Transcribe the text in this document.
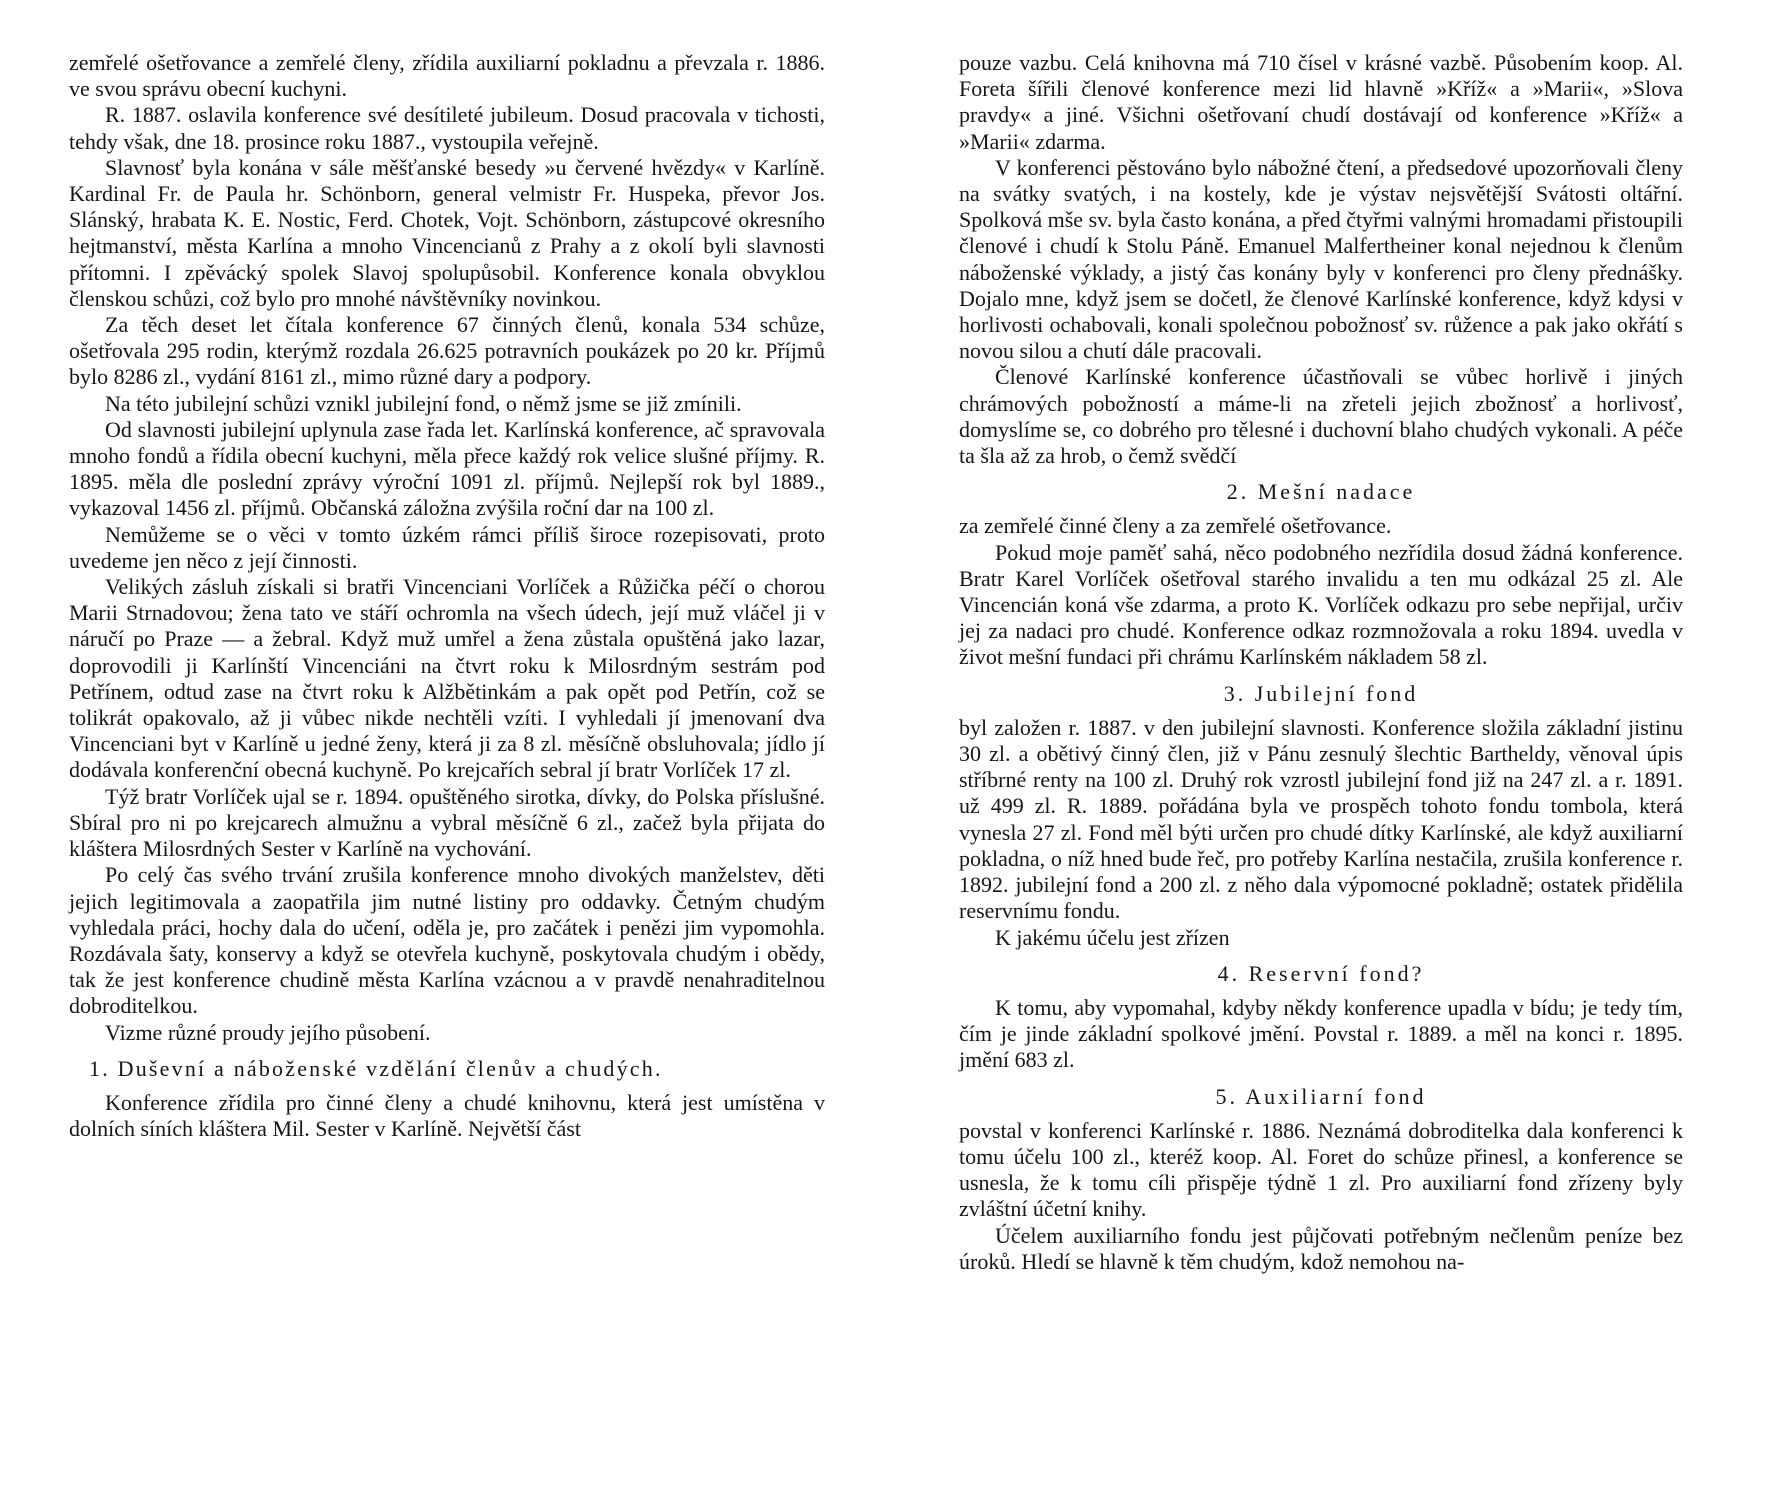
zemřelé ošetřovance a zemřelé členy, zřídila auxiliarní pokladnu a převzala r. 1886. ve svou správu obecní kuchyni.

R. 1887. oslavila konference své desítileté jubileum. Dosud pracovala v tichosti, tehdy však, dne 18. prosince roku 1887., vystoupila veřejně.

Slavnosť byla konána v sále měšťanské besedy »u červené hvězdy« v Karlíně. Kardinal Fr. de Paula hr. Schönborn, general velmistr Fr. Huspeka, převor Jos. Slánský, hrabata K. E. Nostic, Ferd. Chotek, Vojt. Schönborn, zástupcové okresního hejtmanství, města Karlína a mnoho Vincencianů z Prahy a z okolí byli slavnosti přítomni. I zpěvácký spolek Slavoj spolupůsobil. Konference konala obvyklou členskou schůzi, což bylo pro mnohé návštěvníky novinkou.

Za těch deset let čítala konference 67 činných členů, konala 534 schůze, ošetřovala 295 rodin, kterýmž rozdala 26.625 potravních poukázek po 20 kr. Příjmů bylo 8286 zl., vydání 8161 zl., mimo různé dary a podpory.

Na této jubilejní schůzi vznikl jubilejní fond, o němž jsme se již zmínili.

Od slavnosti jubilejní uplynula zase řada let. Karlínská konference, ač spravovala mnoho fondů a řídila obecní kuchyni, měla přece každý rok velice slušné příjmy. R. 1895. měla dle poslední zprávy výroční 1091 zl. příjmů. Nejlepší rok byl 1889., vykazoval 1456 zl. příjmů. Občanská záložna zvýšila roční dar na 100 zl.

Nemůžeme se o věci v tomto úzkém rámci příliš široce rozepisovati, proto uvedeme jen něco z její činnosti.

Velikých zásluh získali si bratři Vincenciani Vorlíček a Růžička péčí o chorou Marii Strnadovou; žena tato ve stáří ochromla na všech údech, její muž vláčel ji v náručí po Praze — a žebral. Když muž umřel a žena zůstala opuštěná jako lazar, doprovodili ji Karlínští Vincenciáni na čtvrt roku k Milosrdným sestrám pod Petřínem, odtud zase na čtvrt roku k Alžbětinkám a pak opět pod Petřín, což se tolikrát opakovalo, až ji vůbec nikde nechtěli vzíti. I vyhledali jí jmenovaní dva Vincenciani byt v Karlíně u jedné ženy, která ji za 8 zl. měsíčně obsluhovala; jídlo jí dodávala konferenční obecná kuchyně. Po krejcařích sebral jí bratr Vorlíček 17 zl.

Týž bratr Vorlíček ujal se r. 1894. opuštěného sirotka, dívky, do Polska příslušné. Sbíral pro ni po krejcarech almužnu a vybral měsíčně 6 zl., začež byla přijata do kláštera Milosrdných Sester v Karlíně na vychování.

Po celý čas svého trvání zrušila konference mnoho divokých manželstev, děti jejich legitimovala a zaopatřila jim nutné listiny pro oddavky. Četným chudým vyhledala práci, hochy dala do učení, oděla je, pro začátek i penězi jim vypomohla. Rozdávala šaty, konservy a když se otevřela kuchyně, poskytovala chudým i obědy, tak že jest konference chudině města Karlína vzácnou a v pravdě nenahraditelnou dobroditelkou.

Vizme různé proudy jejího působení.

1. Duševní a náboženské vzdělání členův a chudých.

Konference zřídila pro činné členy a chudé knihovnu, která jest umístěna v dolních síních kláštera Mil. Sester v Karlíně. Největší část

pouze vazbu. Celá knihovna má 710 čísel v krásné vazbě. Působením koop. Al. Foreta šířili členové konference mezi lid hlavně »Kříž« a »Marii«, »Slova pravdy« a jiné. Všichni ošetřovaní chudí dostávají od konference »Kříž« a »Marii« zdarma.

V konferenci pěstováno bylo nábožné čtení, a předsedové upozorňovali členy na svátky svatých, i na kostely, kde je výstav nejsvětější Svátosti oltářní. Spolková mše sv. byla často konána, a před čtyřmi valnými hromadami přistoupili členové i chudí k Stolu Páně. Emanuel Malfertheiner konal nejednou k členům náboženské výklady, a jistý čas konány byly v konferenci pro členy přednášky. Dojalo mne, když jsem se dočetl, že členové Karlínské konference, když kdysi v horlivosti ochabovali, konali společnou pobožnosť sv. růžence a pak jako okřátí s novou silou a chutí dále pracovali.

Členové Karlínské konference účastňovali se vůbec horlivě i jiných chrámových pobožností a máme-li na zřeteli jejich zbožnosť a horlivosť, domyslíme se, co dobrého pro tělesné i duchovní blaho chudých vykonali. A péče ta šla až za hrob, o čemž svědčí

2. Mešní nadace

za zemřelé činné členy a za zemřelé ošetřovance.

Pokud moje paměť sahá, něco podobného nezřídila dosud žádná konference. Bratr Karel Vorlíček ošetřoval starého invalidu a ten mu odkázal 25 zl. Ale Vincencián koná vše zdarma, a proto K. Vorlíček odkazu pro sebe nepřijal, určiv jej za nadaci pro chudé. Konference odkaz rozmnožovala a roku 1894. uvedla v život mešní fundaci při chrámu Karlínském nákladem 58 zl.

3. Jubilejní fond

byl založen r. 1887. v den jubilejní slavnosti. Konference složila základní jistinu 30 zl. a obětivý činný člen, již v Pánu zesnulý šlechtic Bartheldy, věnoval úpis stříbrné renty na 100 zl. Druhý rok vzrostl jubilejní fond již na 247 zl. a r. 1891. už 499 zl. R. 1889. pořádána byla ve prospěch tohoto fondu tombola, která vynesla 27 zl. Fond měl býti určen pro chudé dítky Karlínské, ale když auxiliarní pokladna, o níž hned bude řeč, pro potřeby Karlína nestačila, zrušila konference r. 1892. jubilejní fond a 200 zl. z něho dala výpomocné pokladně; ostatek přidělila reservnímu fondu.

K jakému účelu jest zřízen

4. Reservní fond?

K tomu, aby vypomahal, kdyby někdy konference upadla v bídu; je tedy tím, čím je jinde základní spolkové jmění. Povstal r. 1889. a měl na konci r. 1895. jmění 683 zl.

5. Auxiliarní fond

povstal v konferenci Karlínské r. 1886. Neznámá dobroditelka dala konferenci k tomu účelu 100 zl., kteréž koop. Al. Foret do schůze přinesl, a konference se usnesla, že k tomu cíli přispěje týdně 1 zl. Pro auxiliarní fond zřízeny byly zvláštní účetní knihy.

Účelem auxiliarního fondu jest půjčovati potřebným nečlenům peníze bez úroků. Hledí se hlavně k těm chudým, kdož nemohou na-
